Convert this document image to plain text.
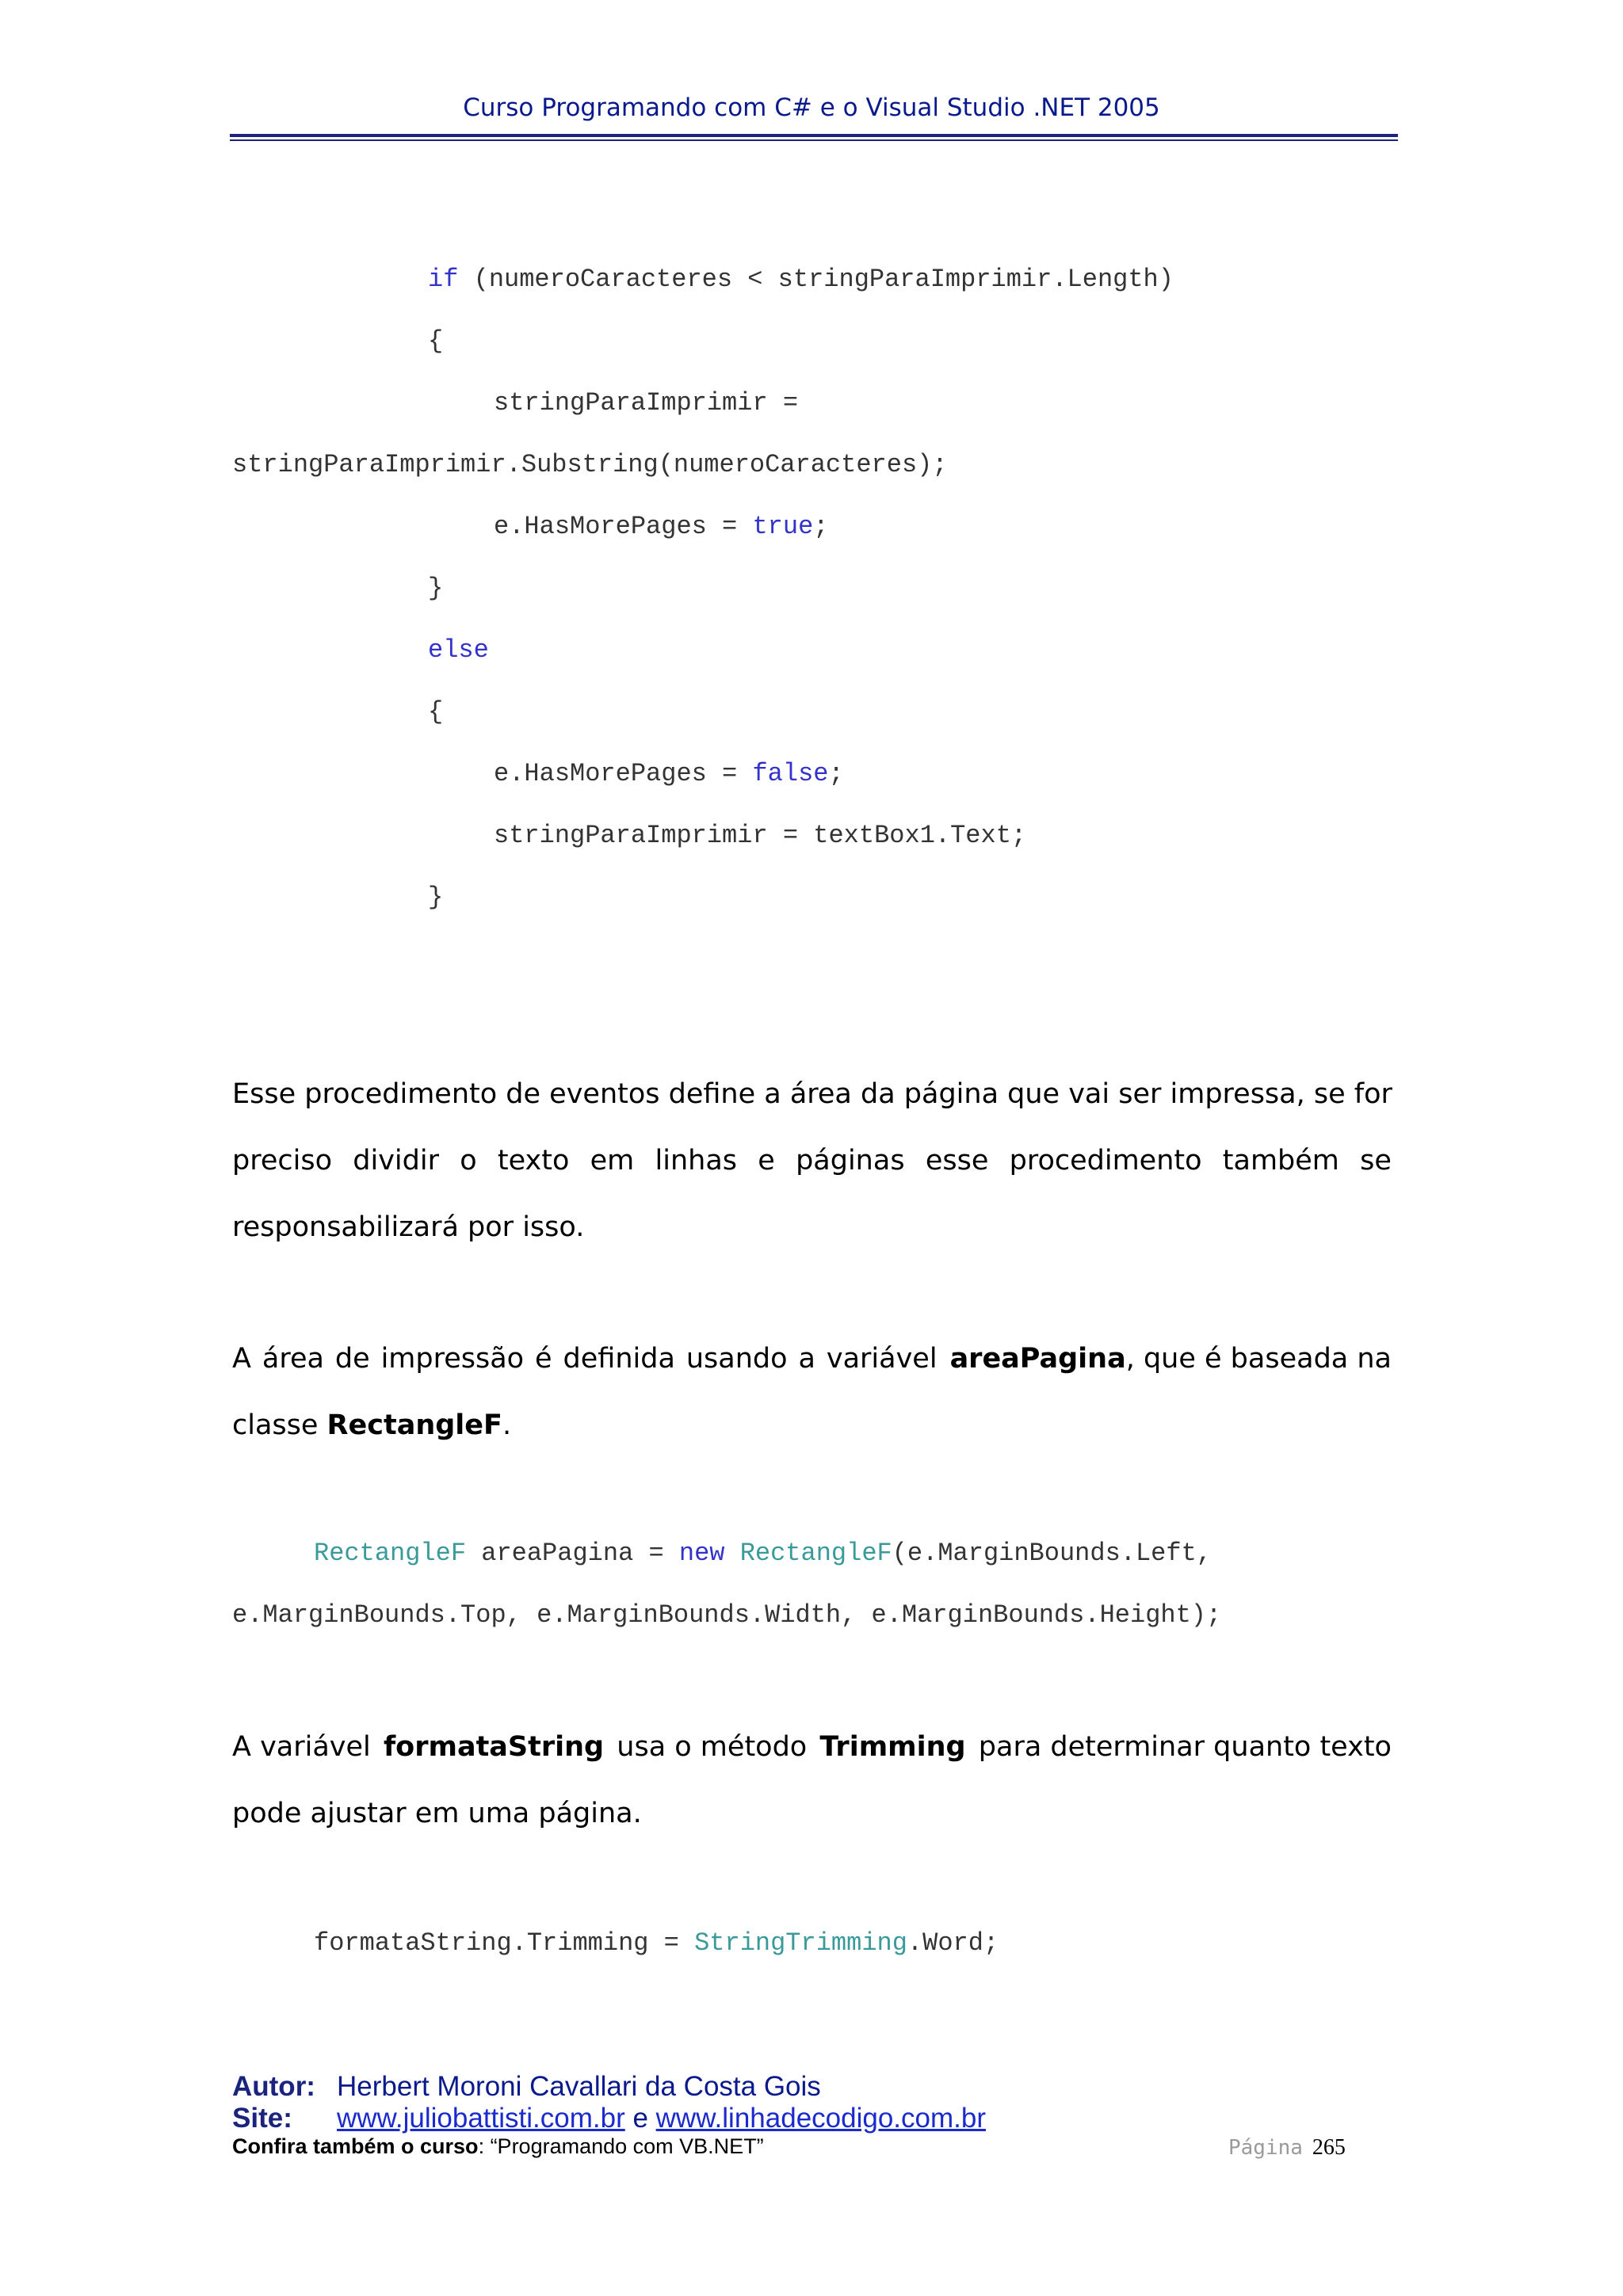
Curso Programando com C# e o Visual Studio .NET 2005
if (numeroCaracteres < stringParaImprimir.Length)
{
stringParaImprimir =
stringParaImprimir.Substring(numeroCaracteres);
e.HasMorePages = true;
}
else
{
e.HasMorePages = false;
stringParaImprimir = textBox1.Text;
}
Esse procedimento de eventos define a área da página que vai ser impressa, se for
preciso dividir o texto em linhas e páginas esse procedimento também se
responsabilizará por isso.
A área de impressão é definida usando a variável areaPagina, que é baseada na
classe RectangleF.
RectangleF areaPagina = new RectangleF(e.MarginBounds.Left,
e.MarginBounds.Top, e.MarginBounds.Width, e.MarginBounds.Height);
A variável formataString usa o método Trimming para determinar quanto texto
pode ajustar em uma página.
formataString.Trimming = StringTrimming.Word;
Autor: Herbert Moroni Cavallari da Costa Gois
Site: www.juliobattisti.com.br e www.linhadecodigo.com.br
Confira também o curso: “Programando com VB.NET”	Página 265
